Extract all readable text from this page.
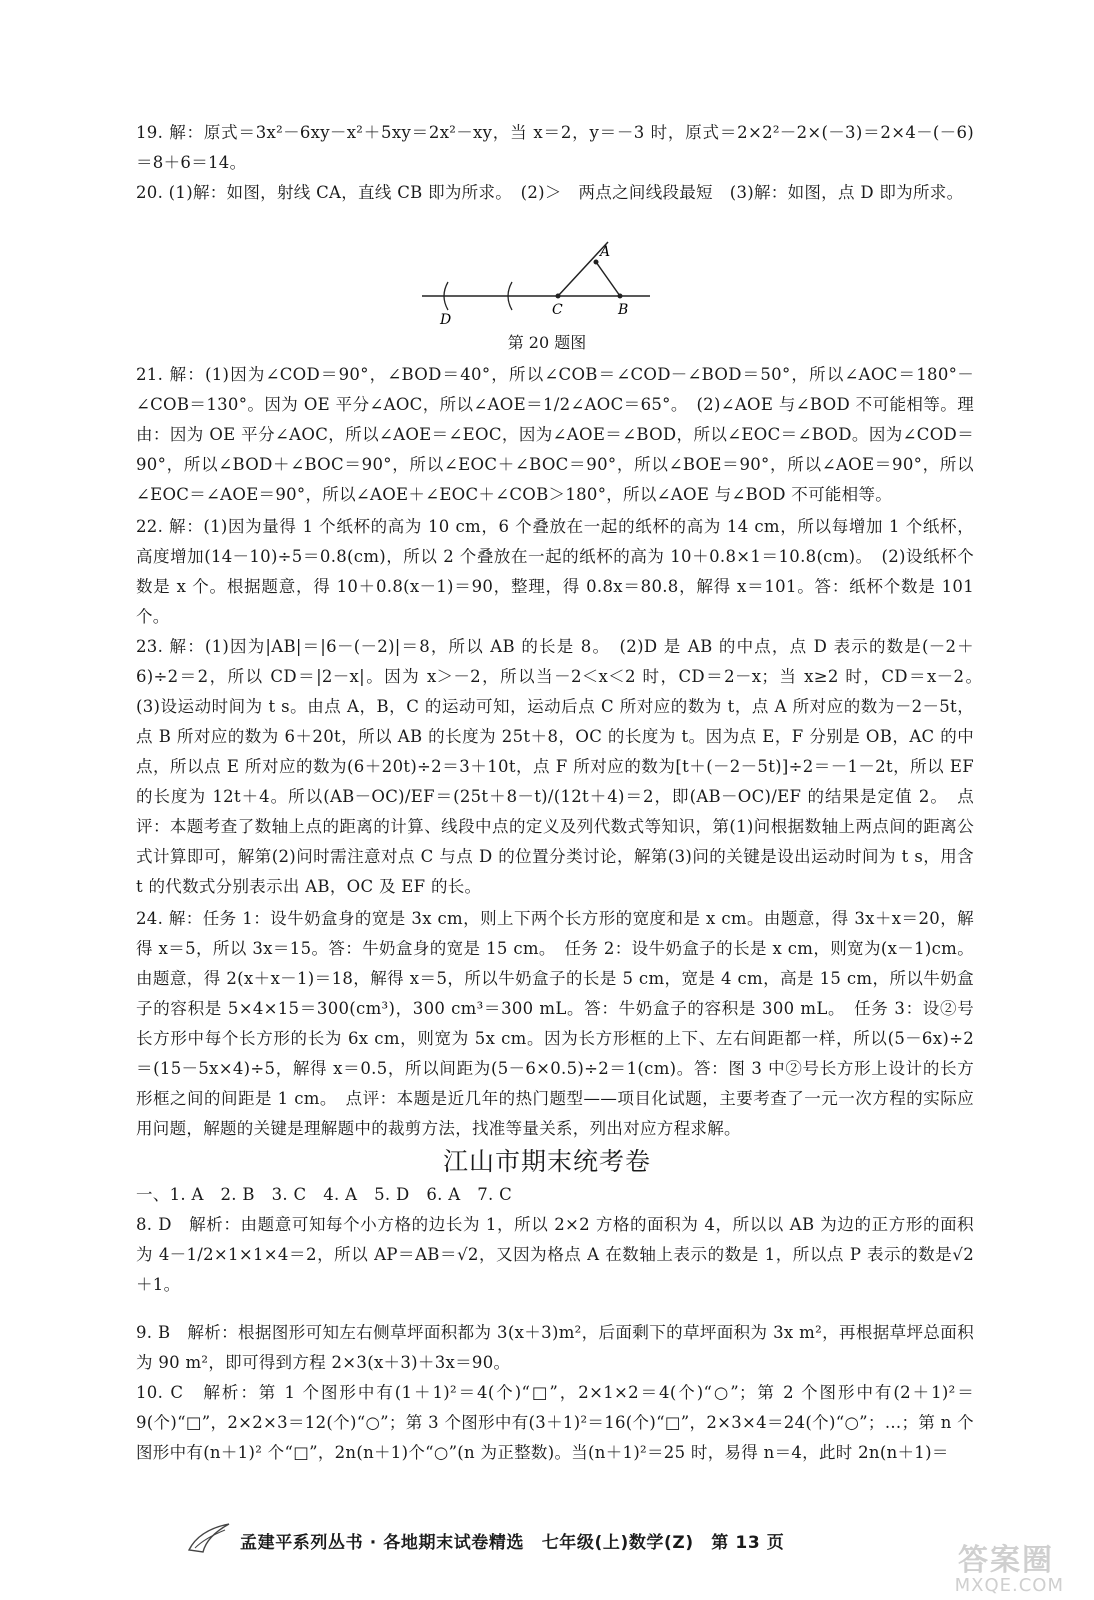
19. 解：原式＝3x²－6xy－x²＋5xy＝2x²－xy，当 x＝2，y＝－3 时，原式＝2×2²－2×(－3)＝2×4－(－6)＝8＋6＝14。

20. (1)解：如图，射线 CA，直线 CB 即为所求。　(2)＞　两点之间线段最短　(3)解：如图，点 D 即为所求。

A
B
C
D
第 20 题图

21. 解：(1)因为∠COD＝90°，∠BOD＝40°，所以∠COB＝∠COD－∠BOD＝50°，所以∠AOC＝180°－∠COB＝130°。因为 OE 平分∠AOC，所以∠AOE＝1/2∠AOC＝65°。　(2)∠AOE 与∠BOD 不可能相等。理由：因为 OE 平分∠AOC，所以∠AOE＝∠EOC，因为∠AOE＝∠BOD，所以∠EOC＝∠BOD。因为∠COD＝90°，所以∠BOD＋∠BOC＝90°，所以∠EOC＋∠BOC＝90°，所以∠BOE＝90°，所以∠AOE＝90°，所以∠EOC＝∠AOE＝90°，所以∠AOE＋∠EOC＋∠COB＞180°，所以∠AOE 与∠BOD 不可能相等。

22. 解：(1)因为量得 1 个纸杯的高为 10 cm，6 个叠放在一起的纸杯的高为 14 cm，所以每增加 1 个纸杯，高度增加(14－10)÷5＝0.8(cm)，所以 2 个叠放在一起的纸杯的高为 10＋0.8×1＝10.8(cm)。　(2)设纸杯个数是 x 个。根据题意，得 10＋0.8(x－1)＝90，整理，得 0.8x＝80.8，解得 x＝101。答：纸杯个数是 101 个。

23. 解：(1)因为|AB|＝|6－(－2)|＝8，所以 AB 的长是 8。　(2)D 是 AB 的中点，点 D 表示的数是(－2＋6)÷2＝2，所以 CD＝|2－x|。因为 x＞－2，所以当－2＜x＜2 时，CD＝2－x；当 x≥2 时，CD＝x－2。　(3)设运动时间为 t s。由点 A，B，C 的运动可知，运动后点 C 所对应的数为 t，点 A 所对应的数为－2－5t，点 B 所对应的数为 6＋20t，所以 AB 的长度为 25t＋8，OC 的长度为 t。因为点 E，F 分别是 OB，AC 的中点，所以点 E 所对应的数为(6＋20t)÷2＝3＋10t，点 F 所对应的数为[t＋(－2－5t)]÷2＝－1－2t，所以 EF 的长度为 12t＋4。所以(AB－OC)/EF＝(25t＋8－t)/(12t＋4)＝2，即(AB－OC)/EF 的结果是定值 2。　点评：本题考查了数轴上点的距离的计算、线段中点的定义及列代数式等知识，第(1)问根据数轴上两点间的距离公式计算即可，解第(2)问时需注意对点 C 与点 D 的位置分类讨论，解第(3)问的关键是设出运动时间为 t s，用含 t 的代数式分别表示出 AB，OC 及 EF 的长。

24. 解：任务 1：设牛奶盒身的宽是 3x cm，则上下两个长方形的宽度和是 x cm。由题意，得 3x＋x＝20，解得 x＝5，所以 3x＝15。答：牛奶盒身的宽是 15 cm。　任务 2：设牛奶盒子的长是 x cm，则宽为(x－1)cm。由题意，得 2(x＋x－1)＝18，解得 x＝5，所以牛奶盒子的长是 5 cm，宽是 4 cm，高是 15 cm，所以牛奶盒子的容积是 5×4×15＝300(cm³)，300 cm³＝300 mL。答：牛奶盒子的容积是 300 mL。　任务 3：设②号长方形中每个长方形的长为 6x cm，则宽为 5x cm。因为长方形框的上下、左右间距都一样，所以(5－6x)÷2＝(15－5x×4)÷5，解得 x＝0.5，所以间距为(5－6×0.5)÷2＝1(cm)。答：图 3 中②号长方形上设计的长方形框之间的间距是 1 cm。　点评：本题是近几年的热门题型——项目化试题，主要考查了一元一次方程的实际应用问题，解题的关键是理解题中的裁剪方法，找准等量关系，列出对应方程求解。

江山市期末统考卷

一、1. A　2. B　3. C　4. A　5. D　6. A　7. C

8. D　解析：由题意可知每个小方格的边长为 1，所以 2×2 方格的面积为 4，所以以 AB 为边的正方形的面积为 4－1/2×1×1×4＝2，所以 AP＝AB＝√2，又因为格点 A 在数轴上表示的数是 1，所以点 P 表示的数是√2＋1。

9. B　解析：根据图形可知左右侧草坪面积都为 3(x＋3)m²，后面剩下的草坪面积为 3x m²，再根据草坪总面积为 90 m²，即可得到方程 2×3(x＋3)＋3x＝90。

10. C　解析：第 1 个图形中有(1＋1)²＝4(个)“□”，2×1×2＝4(个)“○”；第 2 个图形中有(2＋1)²＝9(个)“□”，2×2×3＝12(个)“○”；第 3 个图形中有(3＋1)²＝16(个)“□”，2×3×4＝24(个)“○”；…；第 n 个图形中有(n＋1)² 个“□”，2n(n＋1)个“○”(n 为正整数)。当(n＋1)²＝25 时，易得 n＝4，此时 2n(n＋1)＝

孟建平系列丛书 · 各地期末试卷精选　七年级(上)数学(Z)　第 13 页	答案圈
MXQE.COM
